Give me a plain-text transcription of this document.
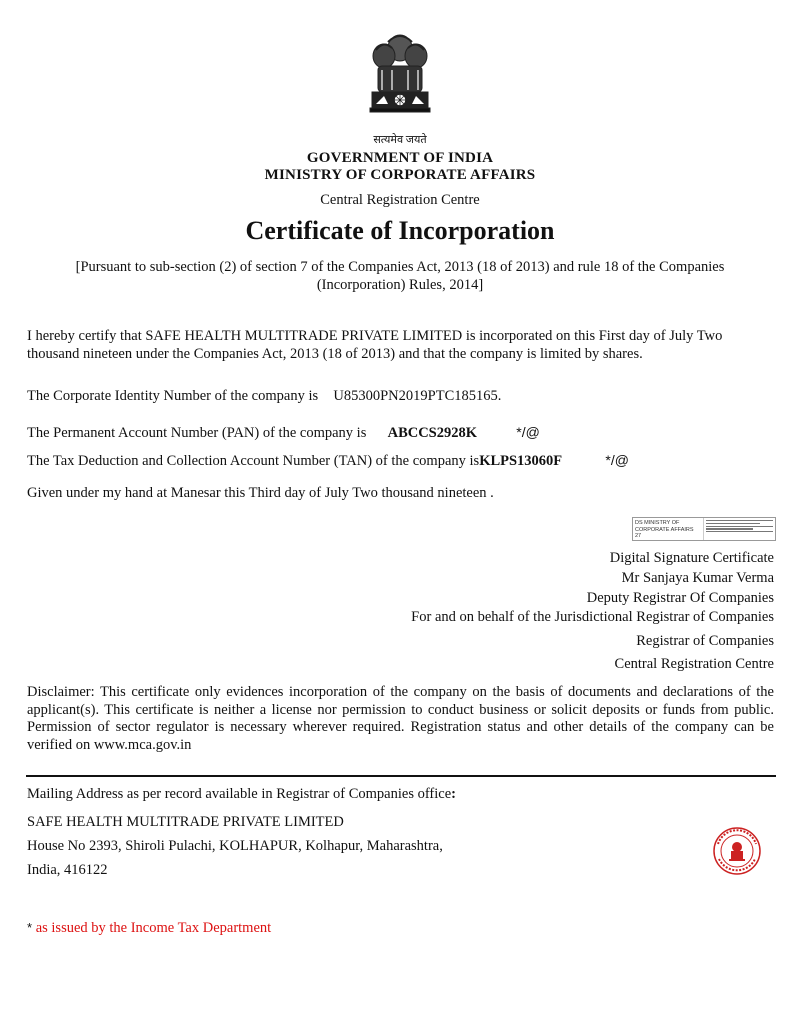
सत्यमेव जयते
GOVERNMENT OF INDIA
MINISTRY OF CORPORATE AFFAIRS
Central Registration Centre
Certificate of Incorporation
[Pursuant to sub-section (2) of section 7 of the Companies Act, 2013 (18 of 2013) and rule 18 of the Companies (Incorporation) Rules, 2014]
I hereby certify that SAFE HEALTH MULTITRADE PRIVATE LIMITED is incorporated on this First day of July Two thousand nineteen under the Companies Act, 2013 (18 of 2013) and that the company is limited by shares.
The Corporate Identity Number of the company is U85300PN2019PTC185165.
The Permanent Account Number (PAN) of the company is ABCCS2928K	*/@
The Tax Deduction and Collection Account Number (TAN) of the company isKLPS13060F	*/@
Given under my hand at Manesar this Third day of July Two thousand nineteen .
DS MINISTRY OF CORPORATE AFFAIRS 27
Digital Signature Certificate
Mr Sanjaya Kumar Verma
Deputy Registrar Of Companies
For and on behalf of the Jurisdictional Registrar of Companies
Registrar of Companies
Central Registration Centre
Disclaimer: This certificate only evidences incorporation of the company on the basis of documents and declarations of the applicant(s). This certificate is neither a license nor permission to conduct business or solicit deposits or funds from public. Permission of sector regulator is necessary wherever required. Registration status and other details of the company can be verified on www.mca.gov.in
Mailing Address as per record available in Registrar of Companies office:
SAFE HEALTH MULTITRADE PRIVATE LIMITED
House No 2393, Shiroli Pulachi, KOLHAPUR, Kolhapur, Maharashtra,
India, 416122
* as issued by the Income Tax Department
